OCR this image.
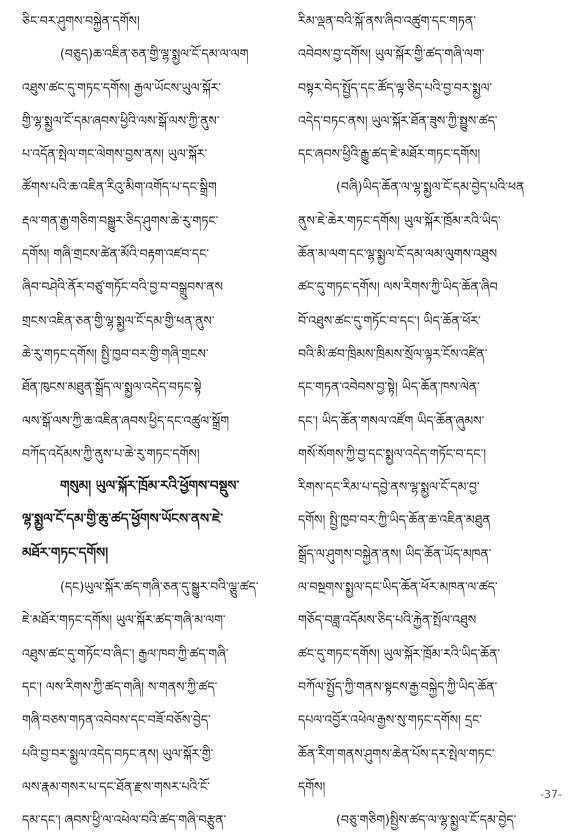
ཅིང་བར་ཤུགས་བསྐྱེན་དགོས།
(བཅུད)ཆ་འཇིན་ཅན་གྱི་ལྷ་སྨྱལ་ངོ་དམ་ལ་ལག
འཐུས་ཚང་དུ་གཏང་དགོས། རྒྱལ་ཡོངས་ཡུལ་སྐོར་
གྱི་ལྷ་སྨྱལ་ངོ་དམ་ཞབས་ཕྱིའི་ལས་སྒོ་ལས་ཀྱི་ནུས་
པ་འདོན་སྤེལ་གང་ལེགས་བྱས་ནས། ཡུལ་སྐོར་
ཚོགས་པའི་ཆ་འཇིན་རིའུ་མིག་འགོད་པ་དང་སྒྲིག
རྡལ་གན་རྒྱ་གཅིག་བསྒྱུར་ཅིད་ཤུགས་ཆེ་རུ་གཏང་
དགོས། གཞི་གྲངས་ཚེན་མོའི་བརྟག་འཛབ་དང་
ཞིབ་བཤེའི་ནོར་བཙུ་གཏོང་བའི་བྱ་བ་བསྒྲུབས་ནས
གྲངས་འཇིན་ཅན་གྱི་ལྷ་སྨྱལ་ངོ་དམ་གྱི་ཕན་ནུས་
ཆེ་རུ་གཏང་དགོས། སྤྱི་ཁྱབ་བར་གྱི་གཞི་གྲངས་
ཐོན་ཁུངས་མཐུན་སྒྲོད་ལ་སྨྱལ་འདེད་བཏང་སྟེ
ལས་སྒོ་ལས་ཀྱི་ཆ་འཇིན་ཞབས་ཕྱིད་དང་འཚུལ་སྒྲོག
བཀོད་འདོམས་ཀྱི་ནུས་པ་ཆེ་རུ་གཏང་དགོས།
གསུམ། ཡུལ་སྐོར་ཁྲོམ་རའི་ཕྱོགས་བསྡུས་
ལྷ་སྨྱལ་ངོ་དམ་གྱི་ཆུ་ཚད་ཕྱོགས་ཡོངས་ནས་ཇེ་
མཐོར་གཏང་དགོས།
(དང)ཡུལ་སྐོར་ཚད་གཞི་ཅན་དུ་སྒྱུར་བའི་ལྕུ་ཚད་
ཇེ་མཐོར་གཏང་དགོས། ཡུལ་སྐོར་ཚད་གཞི་མ་ལག་
འཐུས་ཚང་དུ་གཏོང་བ་ཞིང་། རྒྱལ་ཁབ་ཀྱི་ཚད་གཞི་
དང་། ལས་རིགས་ཀྱི་ཚད་གཞི། ས་གནས་ཀྱི་ཚད་
གཞི་བཅས་གཏན་འབེབས་དང་བཟོ་བཅོས་བྱེད་
པའི་བྱ་བར་སྨྱལ་འདེད་བཏང་ནས། ཡུལ་སྐོར་གྱི་
ལས་རྣམ་གསར་པ་དང་ཐོན་རྫས་གསར་པའི་ངོ་
དམ་དང་། ཞབས་ཕྱི་ལ་འཕེལ་བའི་ཚད་གཞི་བརྩུན་
རིམ་ལྡན་བའི་སྐོ་ནས་ཞིབ་འཚུག་དང་གཏན་
འབེབས་བྱ་དགོས། ཡུལ་སྐོར་གྱི་ཚད་གཞི་ལག་
བསྟར་བེད་སྤྱོད་དང་ཚོད་ལྟ་ཅིད་པའི་བྱ་བར་སྨྱལ་
འདེད་བཏང་ནས། ཡུལ་སྐོར་ཐོན་ཟུས་ཀྱི་སྤྱུས་ཚད་
དང་ཞབས་ཕྱིའི་རྒྱུ་ཚད་ཇེ་མཐོར་གཏང་དགོས།
(བཞི)ཡིད་ཆོན་ལ་ལྷ་སྨྱལ་ངོ་དམ་བྱེད་པའི་ཕན
ནུས་ཇེ་ཆེར་གཏང་དགོས། ཡུལ་སྐོར་ཁྲོམ་རའི་ཡིད་
ཆོན་མ་ལག་དང་ལྷ་སྨྱལ་ངོ་དམ་ལམ་ལུགས་འཐུས
ཚང་དུ་གཏང་དགོས། ལས་རིགས་ཀྱི་ཡིད་ཆོན་ཞིབ
བོ་འཐུས་ཚང་དུ་གཏོང་བ་དང་། ཡིད་ཆོན་ཕོར་
བའི་མི་ཚབ་ཁྲིམས་ཁྲིམས་སྲོལ་ལྟར་ངོས་འཛིན་
དང་གཏན་འབེབས་བྱ་སྟེ། ཡིད་ཆོན་ཁས་ལེན་
དང་། ཡིད་ཆོན་གསལ་འཛོག ཡིད་ཆོན་ཞུམས་
གསོ་སོགས་ཀྱི་བྱ་དང་སྨྱལ་འདེད་གཏོང་བ་དང་།
རིགས་དང་རིམ་པ་དབྱེ་ནས་ལྷ་སྨྱལ་ངོ་དམ་བྱ་
དགོས། སྤྱི་ཁྱབ་བར་ཀྱི་ཡིད་ཆོན་ཆ་འཇིན་མཐུན
སྒྲོད་ལ་ཤུགས་བསྐྱེན་ནས། ཡིད་ཆོན་ཡོད་མཁན་
ལ་བསྔགས་སྨྱལ་དང་ཡིད་ཆོན་ཕོར་མཁན་ལ་ཚད་
གཅོད་བཟླ་འདོམས་ཅིད་པའི་རྐྱེན་སྤོལ་འཐུས
ཚང་དུ་གཏང་དགོས། ཡུལ་སྐོར་ཁྲོམ་རའི་ཡིད་ཆོན་
བཀོལ་སྤྱོད་ཀྱི་གནས་སྟངས་རྒྱ་བསྐྱེད་ཀྱི་ཡིད་ཆོན་
དཔལ་འབྱོར་འཕེལ་རྒྱས་སུ་གཏང་དགོས། དྲང་
ཆོན་རིག་གནས་ཤུགས་ཆེན་པོས་དར་སྤེལ་གཏང་
དགོས།
(བཅུ་གཅིག)སྤྱིས་ཚད་ལ་ལྷ་སྨྱལ་ངོ་དམ་བྱེད་
-37-
